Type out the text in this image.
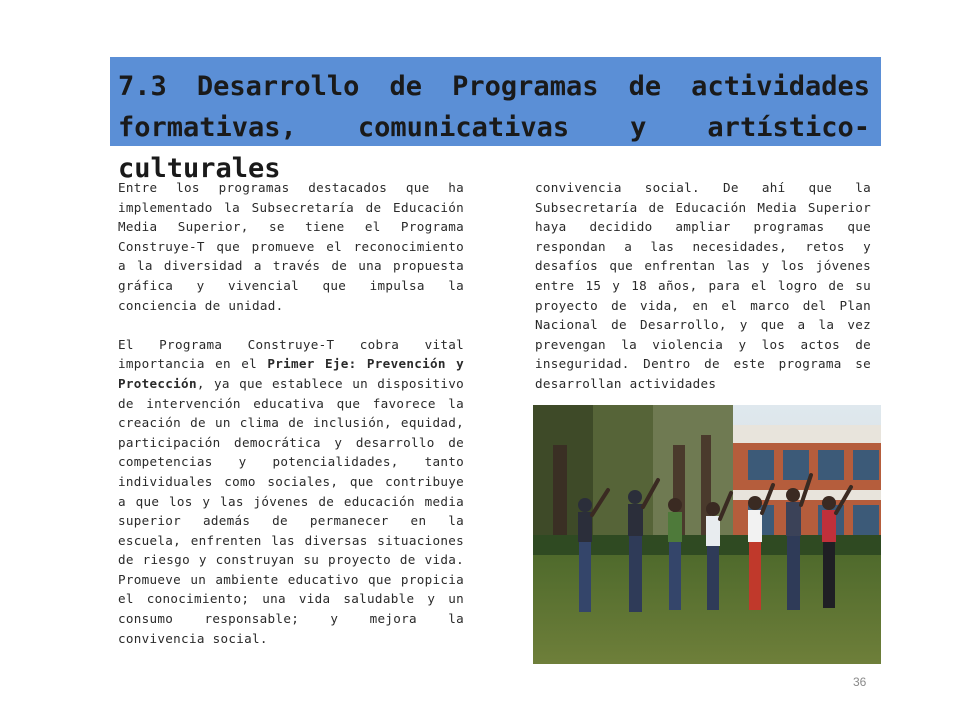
7.3 Desarrollo de Programas de actividades formativas, comunicativas y artístico-culturales

Entre los programas destacados que ha implementado la Subsecretaría de Educación Media Superior, se tiene el Programa Construye-T que promueve el reconocimiento a la diversidad a través de una propuesta gráfica y vivencial que impulsa la conciencia de unidad.

El Programa Construye-T cobra vital importancia en el Primer Eje: Prevención y Protección, ya que establece un dispositivo de intervención educativa que favorece la creación de un clima de inclusión, equidad, participación democrática y desarrollo de competencias y potencialidades, tanto individuales como sociales, que contribuye a que los y las jóvenes de educación media superior además de permanecer en la escuela, enfrenten las diversas situaciones de riesgo y construyan su proyecto de vida. Promueve un ambiente educativo que propicia el conocimiento; una vida saludable y un consumo responsable; y mejora la convivencia social.

convivencia social. De ahí que la Subsecretaría de Educación Media Superior haya decidido ampliar programas que respondan a las necesidades, retos y desafíos que enfrentan las y los jóvenes entre 15 y 18 años, para el logro de su proyecto de vida, en el marco del Plan Nacional de Desarrollo, y que a la vez prevengan la violencia y los actos de inseguridad. Dentro de este programa se desarrollan actividades

36
